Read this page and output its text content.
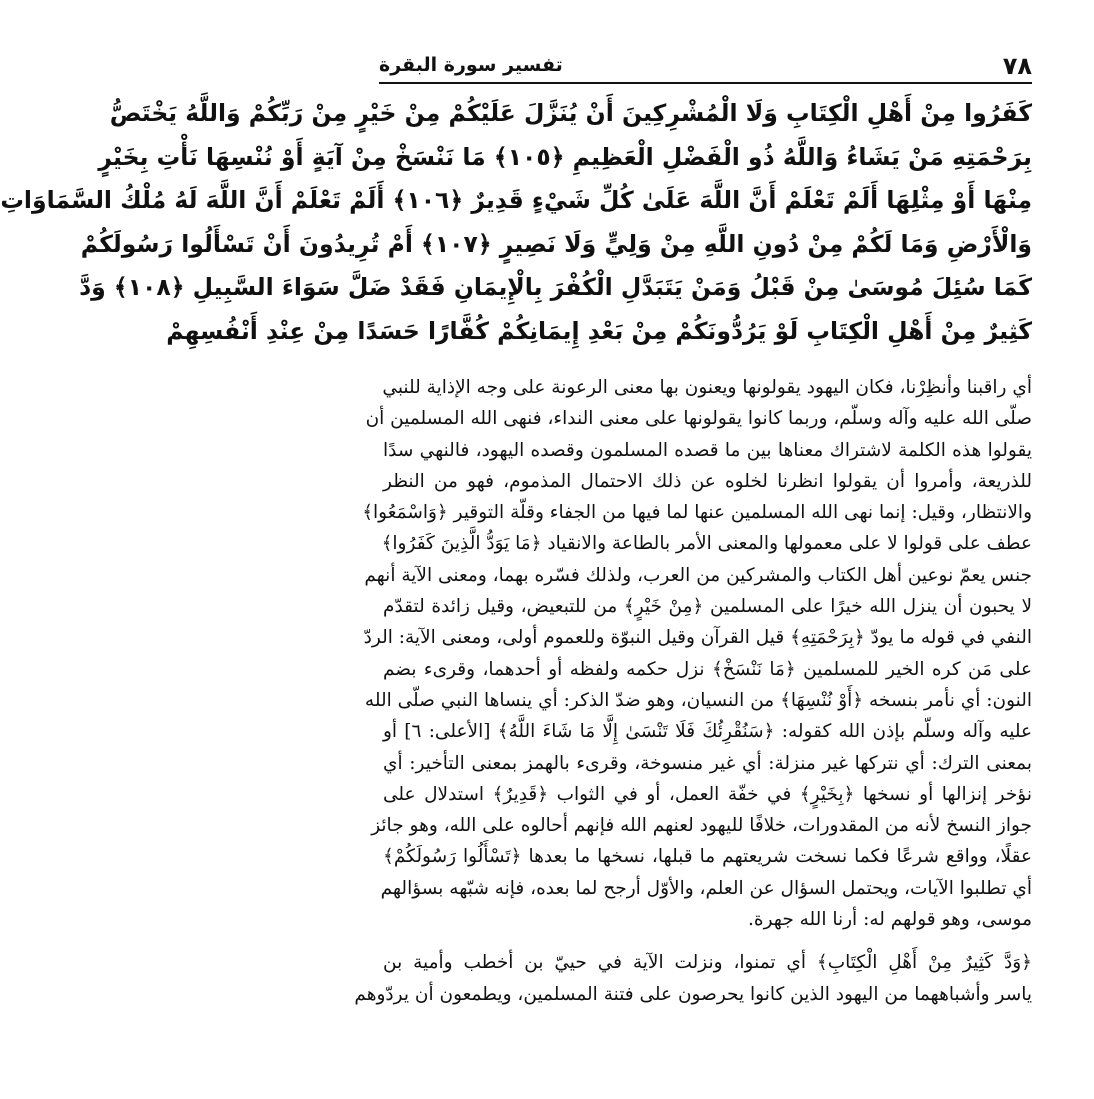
٧٨
تفسير سورة البقرة
كَفَرُوا مِنْ أَهْلِ الْكِتَابِ وَلَا الْمُشْرِكِينَ أَنْ يُنَزَّلَ عَلَيْكُمْ مِنْ خَيْرٍ مِنْ رَبِّكُمْ وَاللَّهُ يَخْتَصُّ
بِرَحْمَتِهِ مَنْ يَشَاءُ وَاللَّهُ ذُو الْفَضْلِ الْعَظِيمِ ﴿١٠٥﴾ مَا نَنْسَخْ مِنْ آيَةٍ أَوْ نُنْسِهَا نَأْتِ بِخَيْرٍ
مِنْهَا أَوْ مِثْلِهَا أَلَمْ تَعْلَمْ أَنَّ اللَّهَ عَلَىٰ كُلِّ شَيْءٍ قَدِيرٌ ﴿١٠٦﴾ أَلَمْ تَعْلَمْ أَنَّ اللَّهَ لَهُ مُلْكُ السَّمَاوَاتِ
وَالْأَرْضِ وَمَا لَكُمْ مِنْ دُونِ اللَّهِ مِنْ وَلِيٍّ وَلَا نَصِيرٍ ﴿١٠٧﴾ أَمْ تُرِيدُونَ أَنْ تَسْأَلُوا رَسُولَكُمْ
كَمَا سُئِلَ مُوسَىٰ مِنْ قَبْلُ وَمَنْ يَتَبَدَّلِ الْكُفْرَ بِالْإِيمَانِ فَقَدْ ضَلَّ سَوَاءَ السَّبِيلِ ﴿١٠٨﴾ وَدَّ
كَثِيرٌ مِنْ أَهْلِ الْكِتَابِ لَوْ يَرُدُّونَكُمْ مِنْ بَعْدِ إِيمَانِكُمْ كُفَّارًا حَسَدًا مِنْ عِنْدِ أَنْفُسِهِمْ

أي راقبنا وأنظِرْنا، فكان اليهود يقولونها ويعنون بها معنى الرعونة على وجه الإذاية للنبي
صلّى الله عليه وآله وسلّم، وربما كانوا يقولونها على معنى النداء، فنهى الله المسلمين أن
يقولوا هذه الكلمة لاشتراك معناها بين ما قصده المسلمون وقصده اليهود، فالنهي سدًا
للذريعة، وأمروا أن يقولوا انظرنا لخلوه عن ذلك الاحتمال المذموم، فهو من النظر
والانتظار، وقيل: إنما نهى الله المسلمين عنها لما فيها من الجفاء وقلّة التوقير ﴿وَاسْمَعُوا﴾
عطف على قولوا لا على معمولها والمعنى الأمر بالطاعة والانقياد ﴿مَا يَوَدُّ الَّذِينَ كَفَرُوا﴾
جنس يعمّ نوعين أهل الكتاب والمشركين من العرب، ولذلك فسّره بهما، ومعنى الآية أنهم
لا يحبون أن ينزل الله خيرًا على المسلمين ﴿مِنْ خَيْرٍ﴾ من للتبعيض، وقيل زائدة لتقدّم
النفي في قوله ما يودّ ﴿بِرَحْمَتِهِ﴾ قيل القرآن وقيل النبوّة وللعموم أولى، ومعنى الآية: الردّ
على مَن كره الخير للمسلمين ﴿مَا نَنْسَخْ﴾ نزل حكمه ولفظه أو أحدهما، وقرىء بضم
النون: أي نأمر بنسخه ﴿أَوْ نُنْسِهَا﴾ من النسيان، وهو ضدّ الذكر: أي ينساها النبي صلّى الله
عليه وآله وسلّم بإذن الله كقوله: ﴿سَنُقْرِئُكَ فَلَا تَنْسَىٰ إِلَّا مَا شَاءَ اللَّهُ﴾ [الأعلى: ٦] أو
بمعنى الترك: أي نتركها غير منزلة: أي غير منسوخة، وقرىء بالهمز بمعنى التأخير: أي
نؤخر إنزالها أو نسخها ﴿بِخَيْرٍ﴾ في خفّة العمل، أو في الثواب ﴿قَدِيرٌ﴾ استدلال على
جواز النسخ لأنه من المقدورات، خلافًا لليهود لعنهم الله فإنهم أحالوه على الله، وهو جائز
عقلًا، وواقع شرعًا فكما نسخت شريعتهم ما قبلها، نسخها ما بعدها ﴿تَسْأَلُوا رَسُولَكُمْ﴾
أي تطلبوا الآيات، ويحتمل السؤال عن العلم، والأوّل أرجح لما بعده، فإنه شبّهه بسؤالهم
موسى، وهو قولهم له: أرنا الله جهرة.

﴿وَدَّ كَثِيرٌ مِنْ أَهْلِ الْكِتَابِ﴾ أي تمنوا، ونزلت الآية في حييّ بن أخطب وأمية بن
ياسر وأشباههما من اليهود الذين كانوا يحرصون على فتنة المسلمين، ويطمعون أن يردّوهم
